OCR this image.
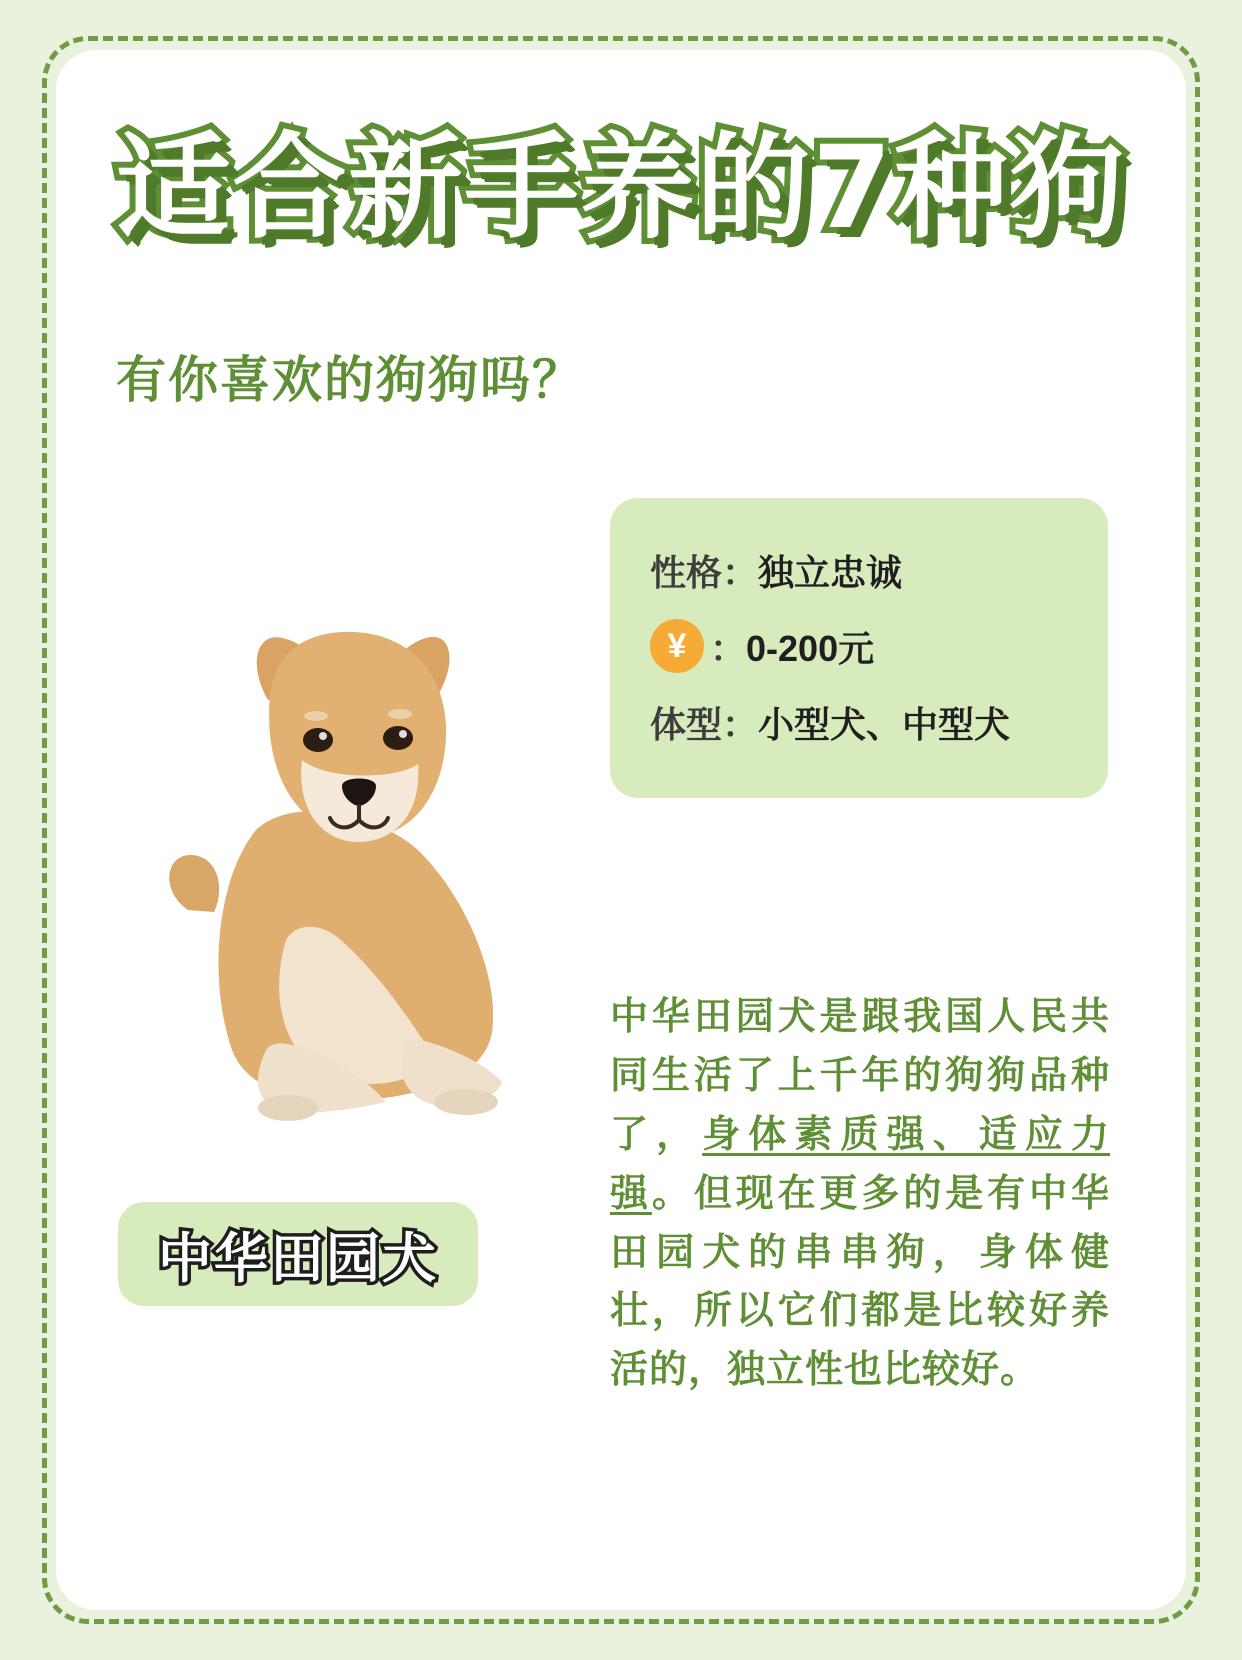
适合新手养的7种狗
有你喜欢的狗狗吗？
性格： 独立忠诚
¥ ： 0-200元
体型： 小型犬、中型犬
中华田园犬
中华田园犬是跟我国人民共同生活了上千年的狗狗品种了，身体素质强、适应力强。但现在更多的是有中华田园犬的串串狗，身体健壮，所以它们都是比较好养活的，独立性也比较好。
